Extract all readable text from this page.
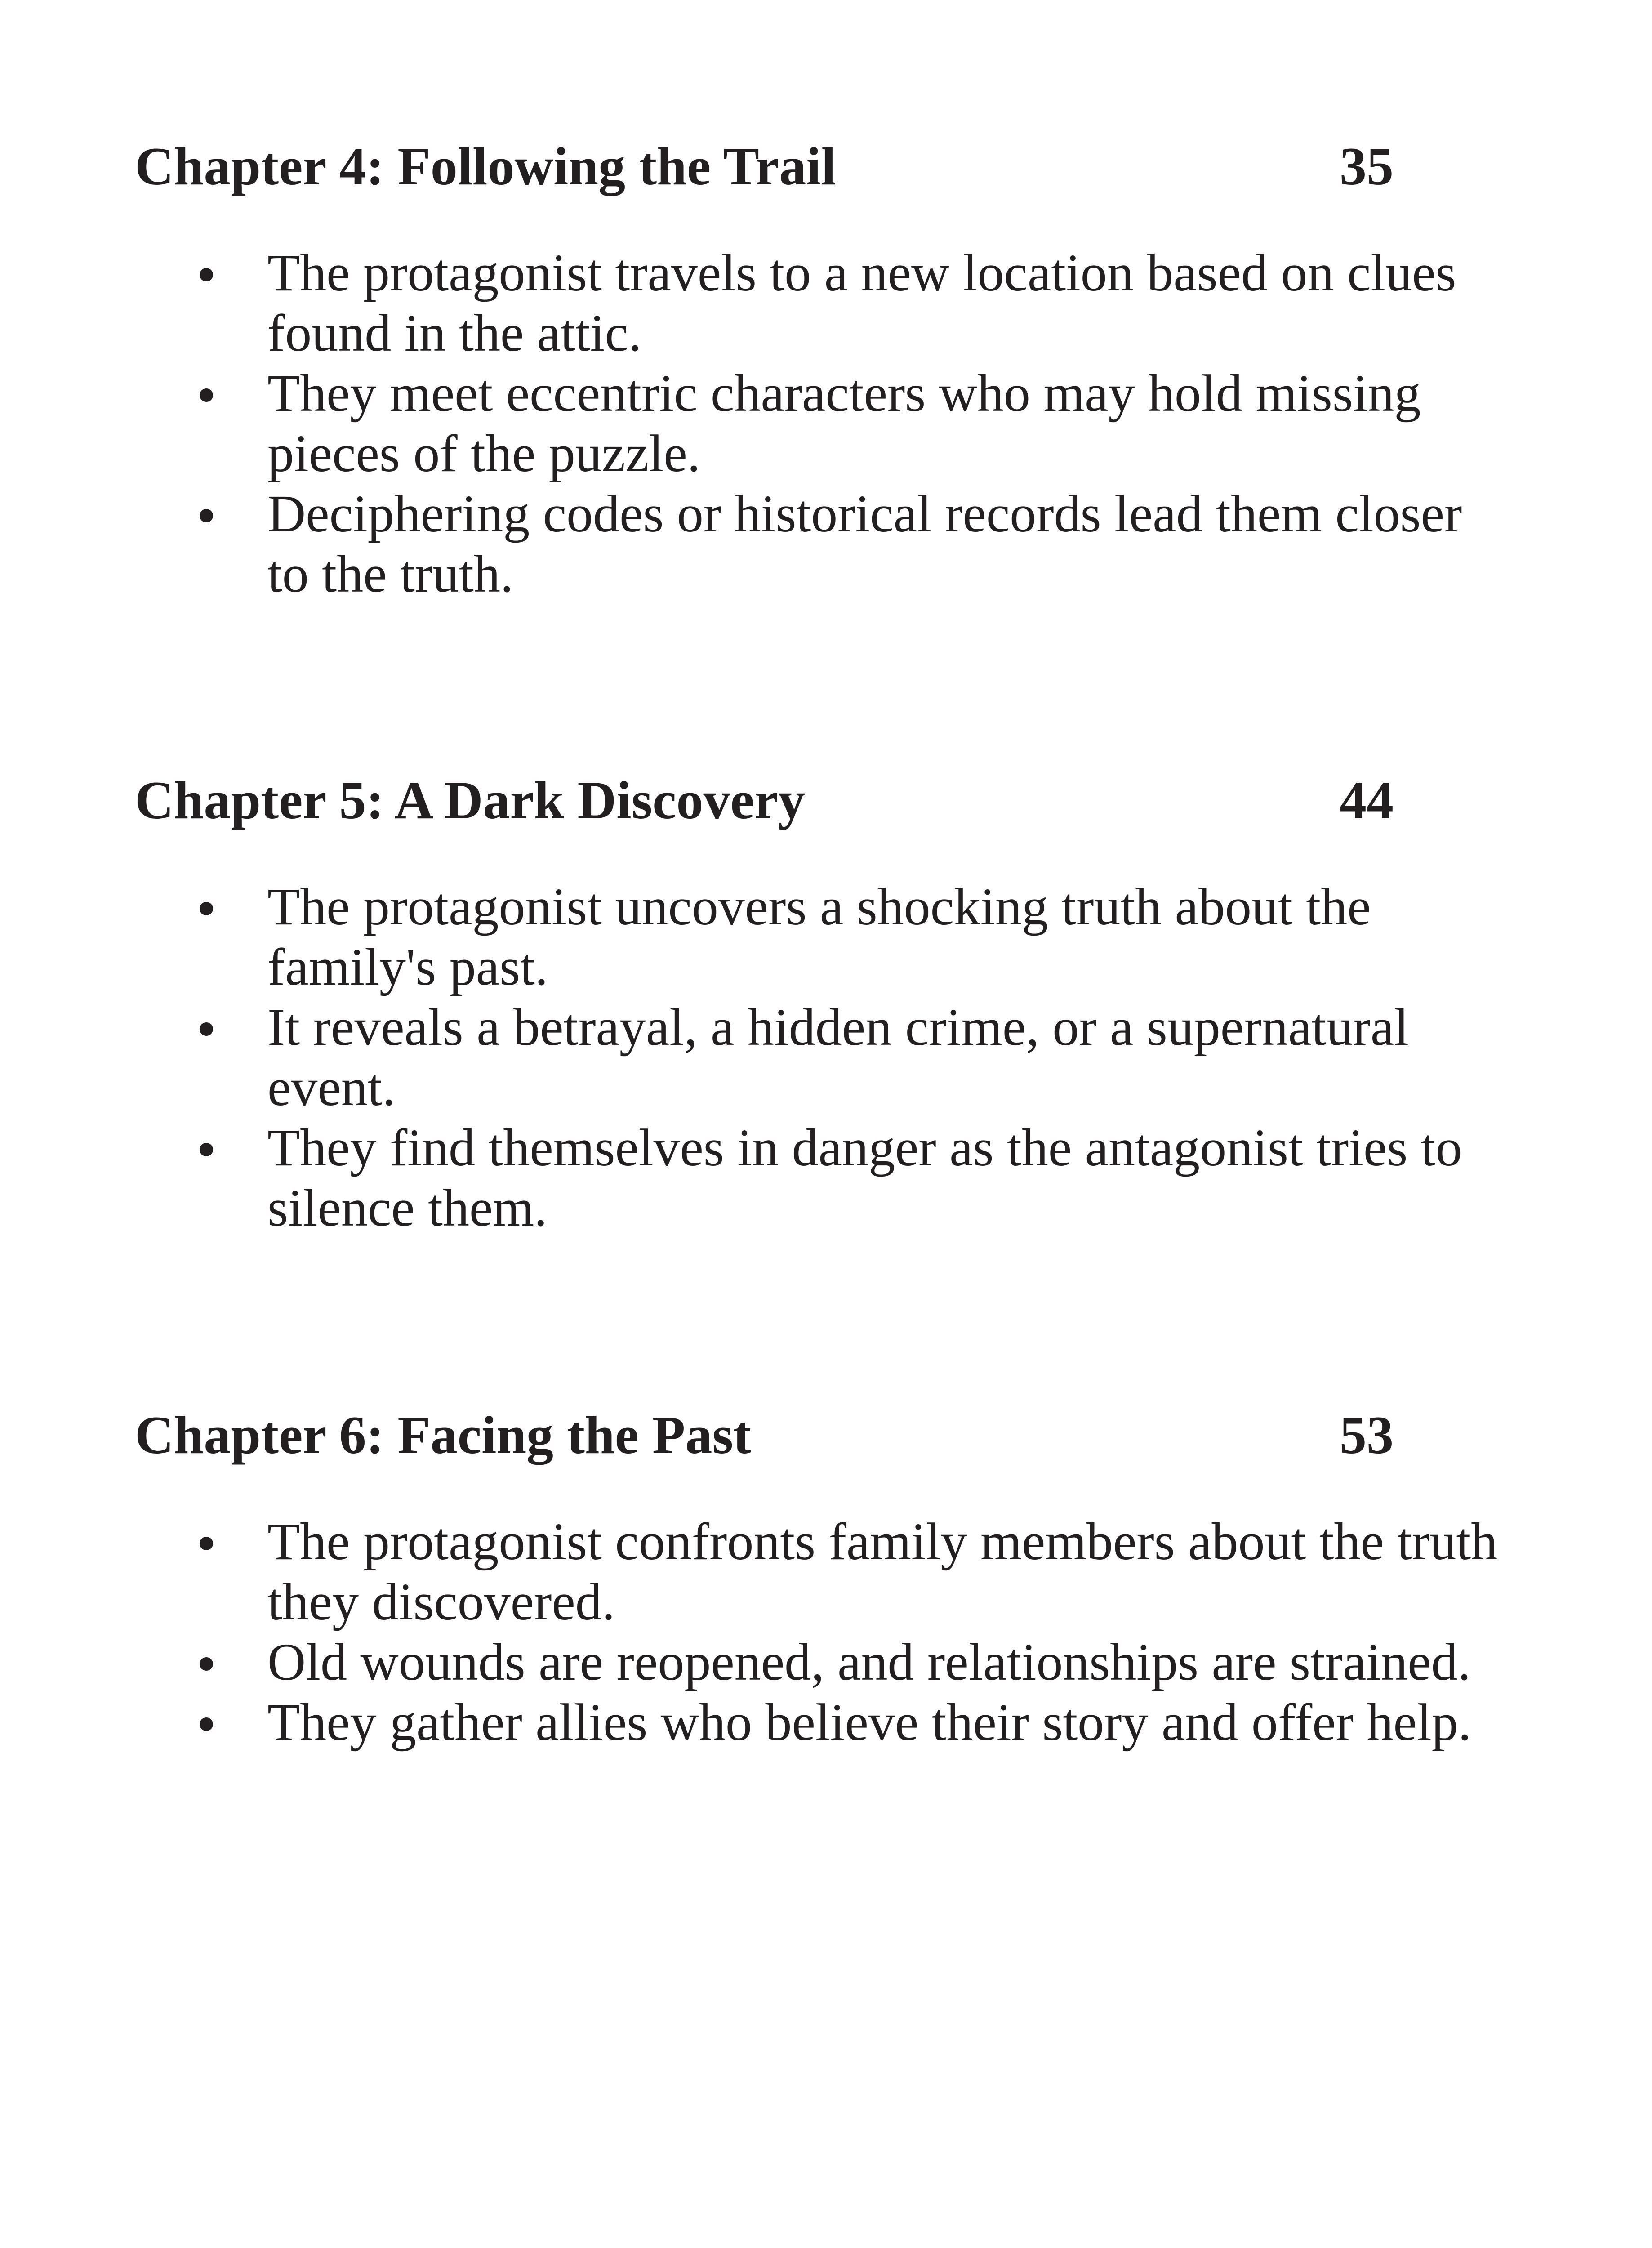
Chapter 4: Following the Trail	35
The protagonist travels to a new location based on clues found in the attic.
They meet eccentric characters who may hold missing pieces of the puzzle.
Deciphering codes or historical records lead them closer to the truth.
Chapter 5: A Dark Discovery	44
The protagonist uncovers a shocking truth about the family's past.
It reveals a betrayal, a hidden crime, or a supernatural event.
They find themselves in danger as the antagonist tries to silence them.
Chapter 6: Facing the Past	53
The protagonist confronts family members about the truth they discovered.
Old wounds are reopened, and relationships are strained.
They gather allies who believe their story and offer help.
